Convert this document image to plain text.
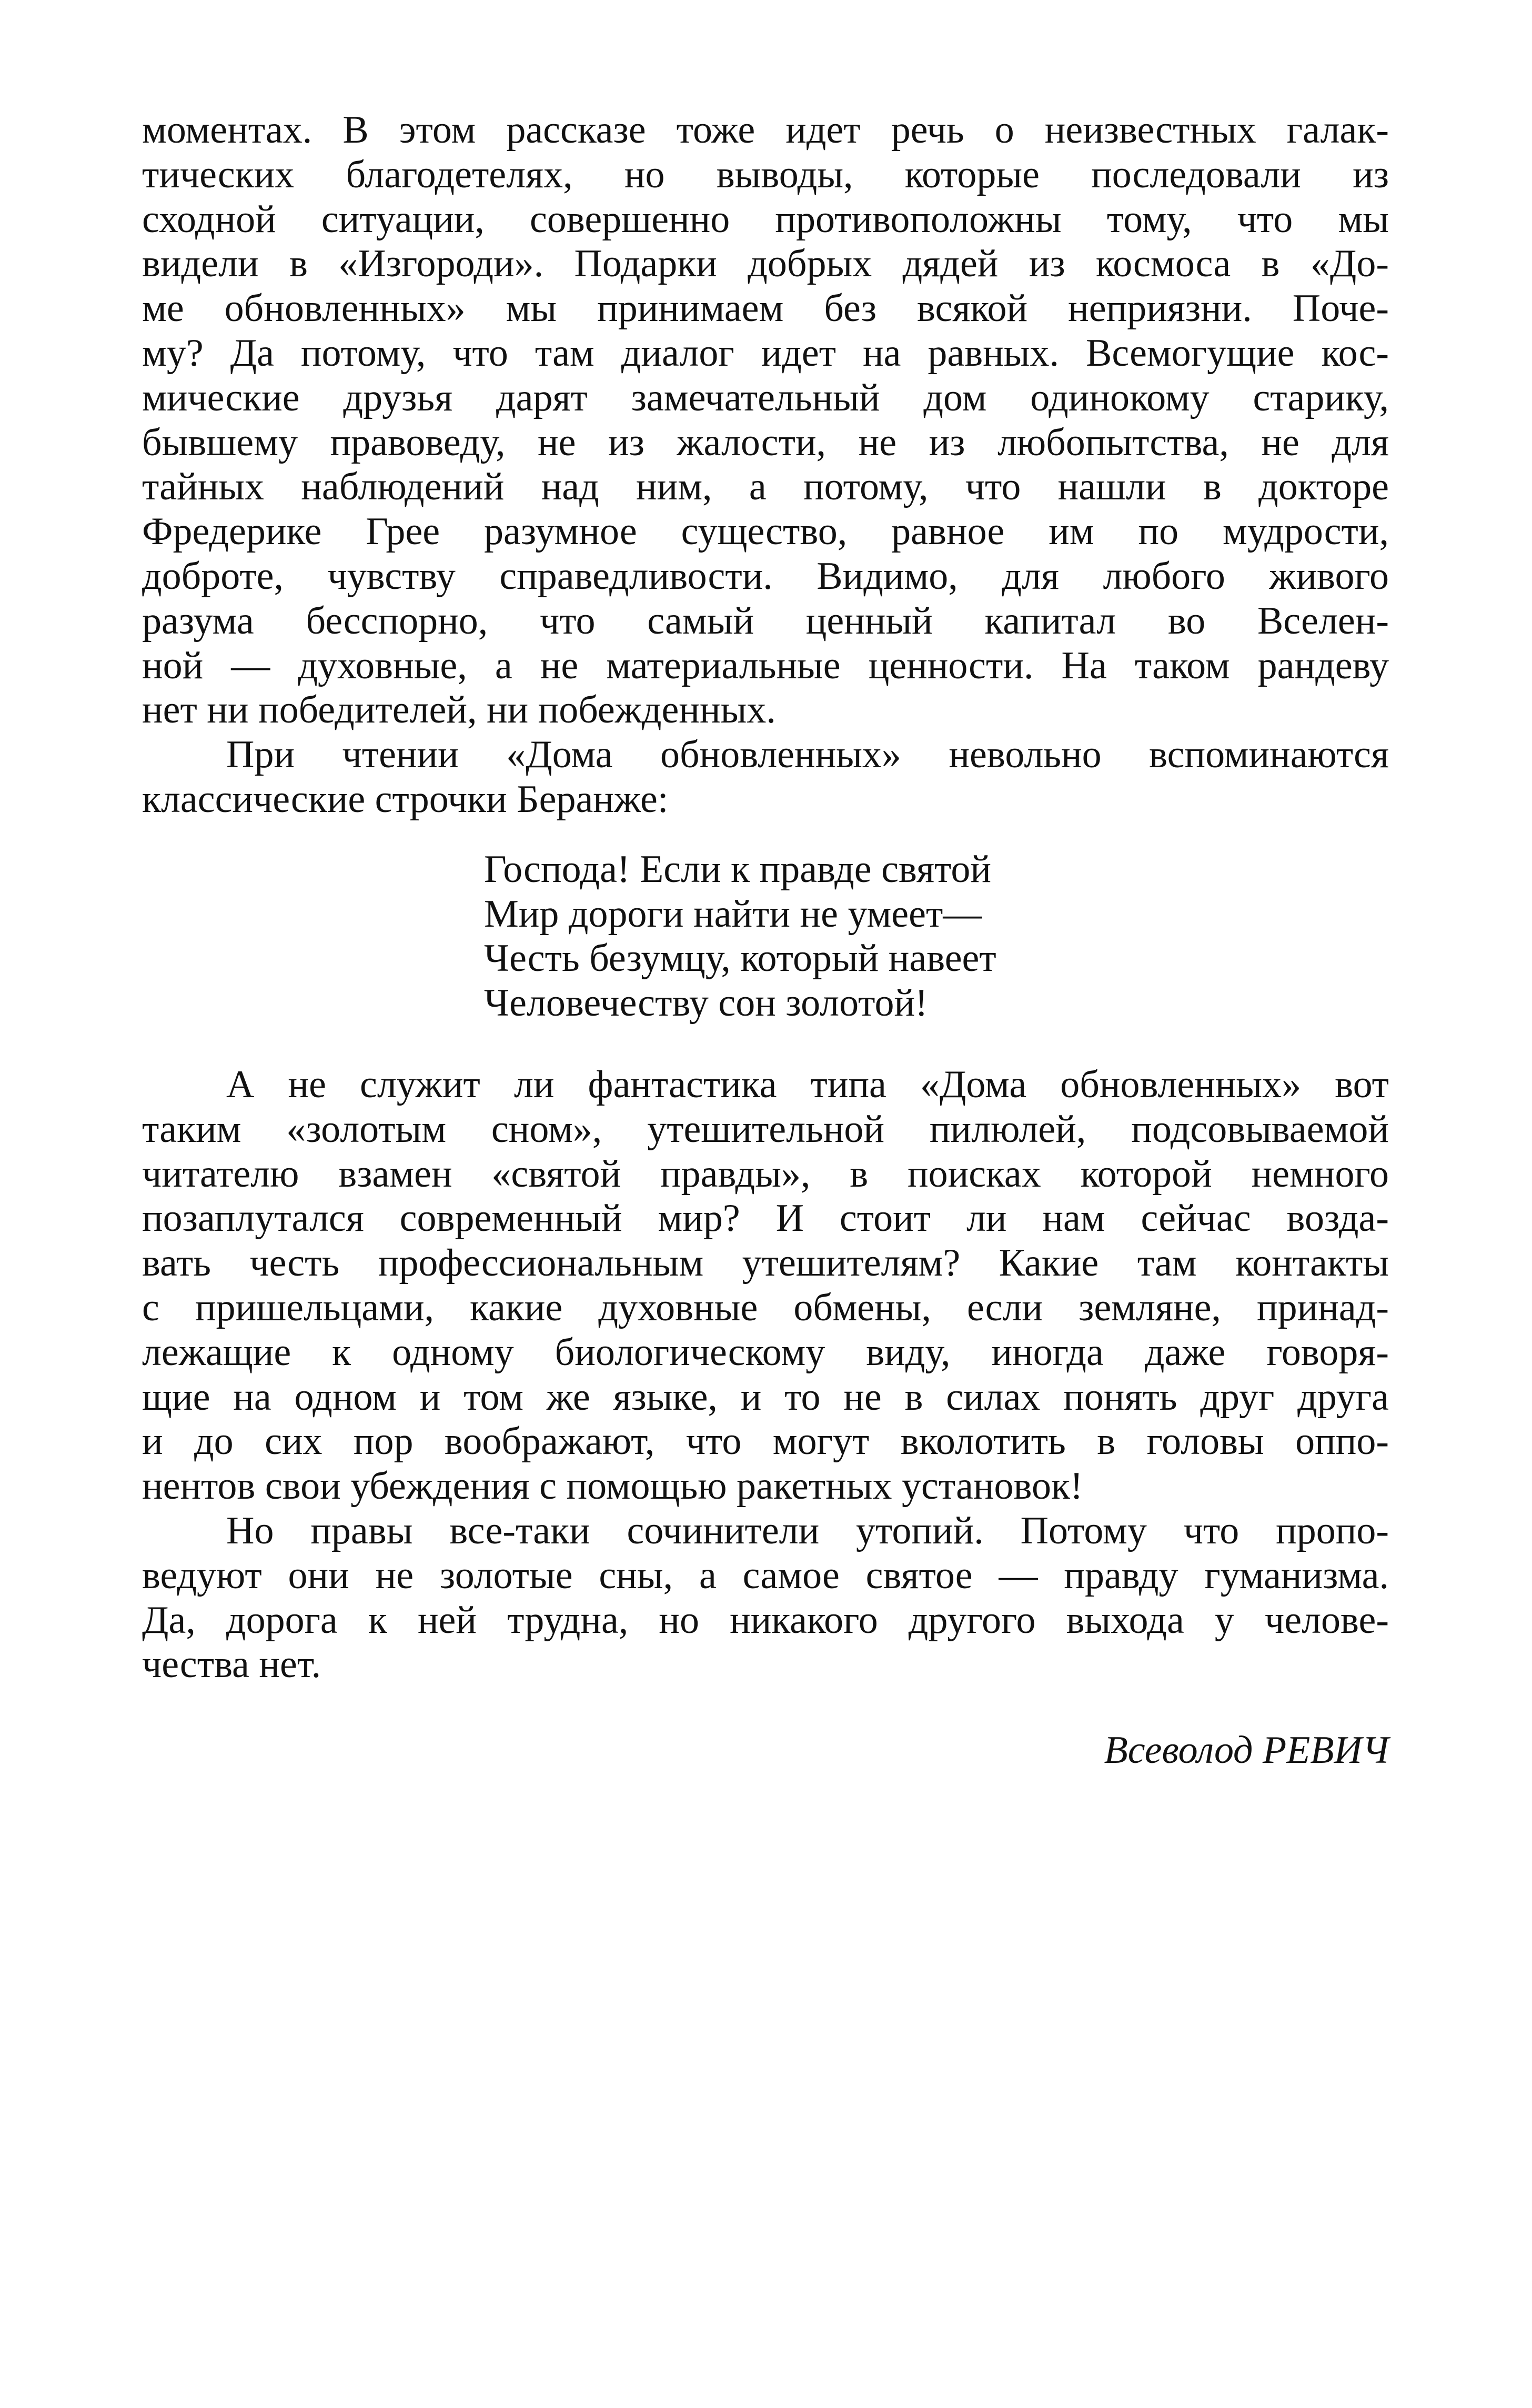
моментах. В этом рассказе тоже идет речь о неизвестных галак-
тических благодетелях, но выводы, которые последовали из
сходной ситуации, совершенно противоположны тому, что мы
видели в «Изгороди». Подарки добрых дядей из космоса в «До-
ме обновленных» мы принимаем без всякой неприязни. Поче-
му? Да потому, что там диалог идет на равных. Всемогущие кос-
мические друзья дарят замечательный дом одинокому старику,
бывшему правоведу, не из жалости, не из любопытства, не для
тайных наблюдений над ним, а потому, что нашли в докторе
Фредерике Грее разумное существо, равное им по мудрости,
доброте, чувству справедливости. Видимо, для любого живого
разума бесспорно, что самый ценный капитал во Вселен-
ной — духовные, а не материальные ценности. На таком рандеву
нет ни победителей, ни побежденных.
При чтении «Дома обновленных» невольно вспоминаются
классические строчки Беранже:
Господа! Если к правде святой
Мир дороги найти не умеет—
Честь безумцу, который навеет
Человечеству сон золотой!
А не служит ли фантастика типа «Дома обновленных» вот
таким «золотым сном», утешительной пилюлей, подсовываемой
читателю взамен «святой правды», в поисках которой немного
позаплутался современный мир? И стоит ли нам сейчас возда-
вать честь профессиональным утешителям? Какие там контакты
с пришельцами, какие духовные обмены, если земляне, принад-
лежащие к одному биологическому виду, иногда даже говоря-
щие на одном и том же языке, и то не в силах понять друг друга
и до сих пор воображают, что могут вколотить в головы оппо-
нентов свои убеждения с помощью ракетных установок!
Но правы все-таки сочинители утопий. Потому что пропо-
ведуют они не золотые сны, а самое святое — правду гуманизма.
Да, дорога к ней трудна, но никакого другого выхода у челове-
чества нет.
Всеволод РЕВИЧ
